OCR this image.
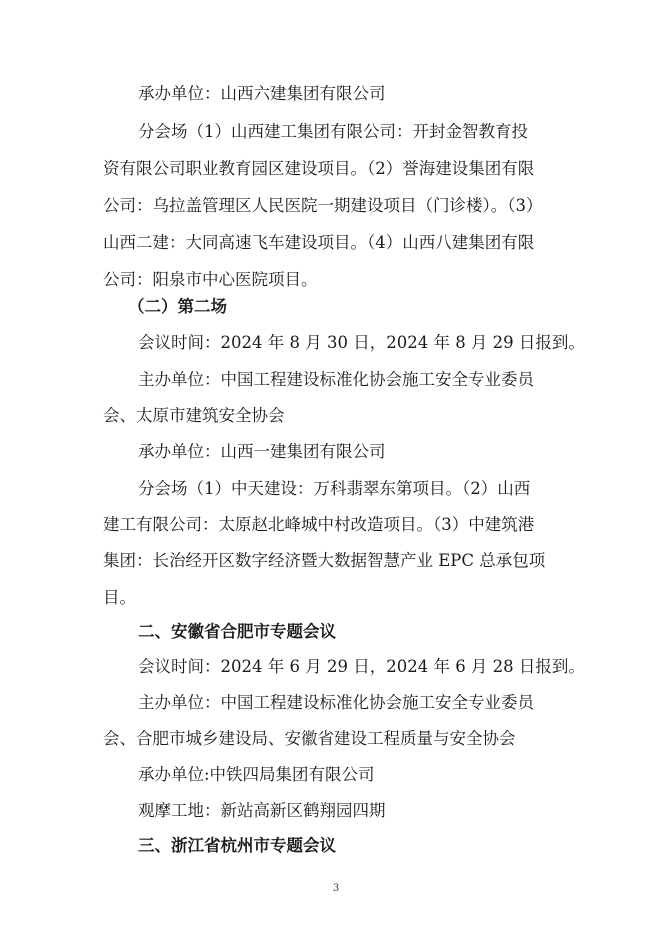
承办单位：山西六建集团有限公司
分会场（1）山西建工集团有限公司：开封金智教育投
资有限公司职业教育园区建设项目。（2）誉海建设集团有限
公司：乌拉盖管理区人民医院一期建设项目（门诊楼）。（3）
山西二建：大同高速飞车建设项目。（4）山西八建集团有限
公司：阳泉市中心医院项目。
（二）第二场
会议时间：2024 年 8 月 30 日，2024 年 8 月 29 日报到。
主办单位：中国工程建设标准化协会施工安全专业委员
会、太原市建筑安全协会
承办单位：山西一建集团有限公司
分会场（1）中天建设：万科翡翠东第项目。（2）山西
建工有限公司：太原赵北峰城中村改造项目。（3）中建筑港
集团：长治经开区数字经济暨大数据智慧产业 EPC 总承包项
目。
二、安徽省合肥市专题会议
会议时间：2024 年 6 月 29 日，2024 年 6 月 28 日报到。
主办单位：中国工程建设标准化协会施工安全专业委员
会、合肥市城乡建设局、安徽省建设工程质量与安全协会
承办单位:中铁四局集团有限公司
观摩工地：新站高新区鹤翔园四期
三、浙江省杭州市专题会议
3
